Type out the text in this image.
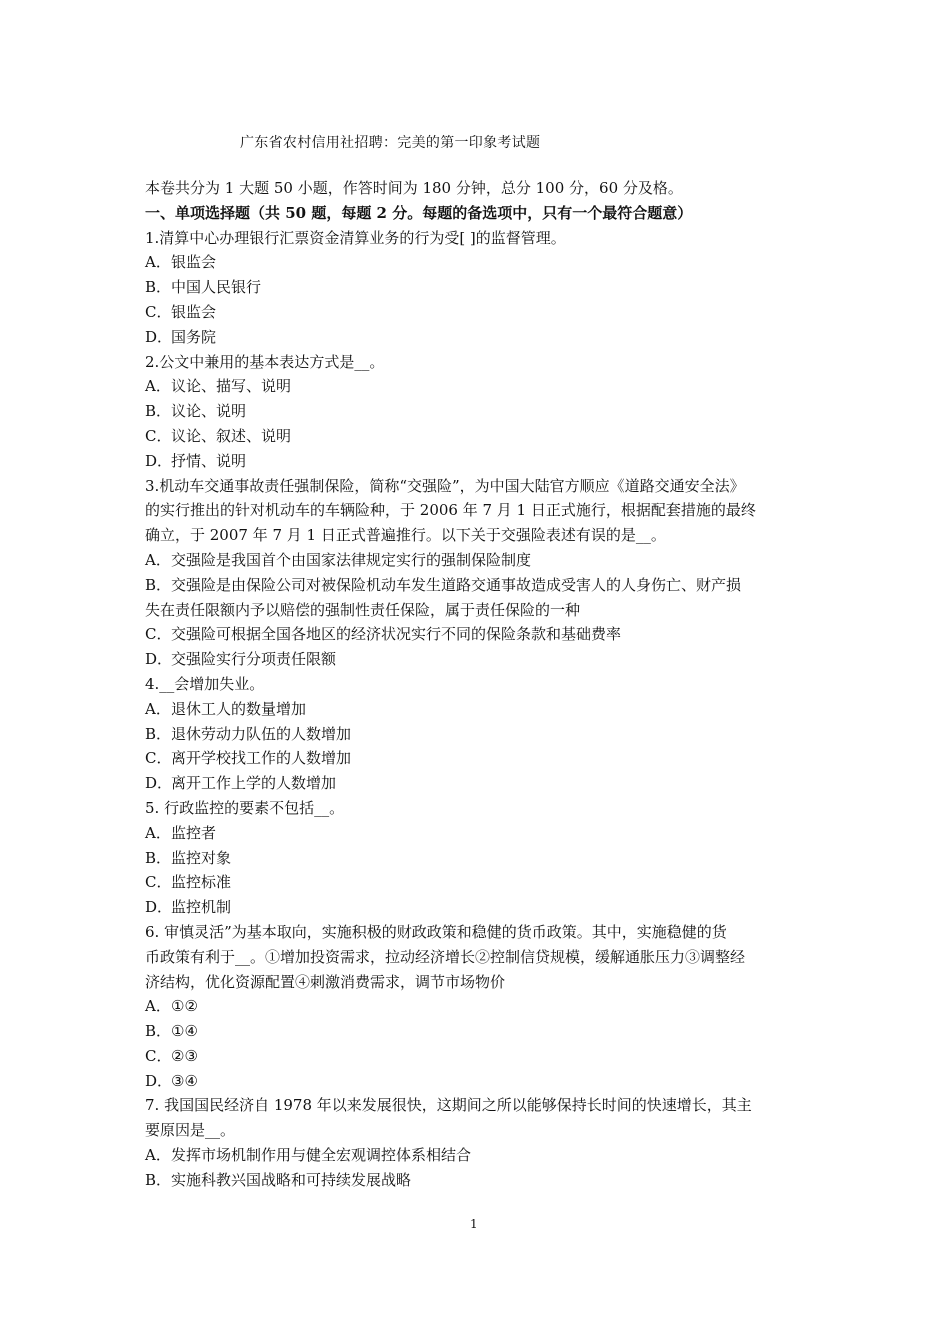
广东省农村信用社招聘：完美的第一印象考试题
本卷共分为 1 大题 50 小题，作答时间为 180 分钟，总分 100 分，60 分及格。
一、单项选择题（共 50 题，每题 2 分。每题的备选项中，只有一个最符合题意）
1.清算中心办理银行汇票资金清算业务的行为受[ ]的监督管理。
A．银监会
B．中国人民银行
C．银监会
D．国务院
2.公文中兼用的基本表达方式是__。
A．议论、描写、说明
B．议论、说明
C．议论、叙述、说明
D．抒情、说明
3.机动车交通事故责任强制保险，简称“交强险”，为中国大陆官方顺应《道路交通安全法》
的实行推出的针对机动车的车辆险种，于 2006 年 7 月 1 日正式施行，根据配套措施的最终
确立，于 2007 年 7 月 1 日正式普遍推行。以下关于交强险表述有误的是__。
A．交强险是我国首个由国家法律规定实行的强制保险制度
B．交强险是由保险公司对被保险机动车发生道路交通事故造成受害人的人身伤亡、财产损
失在责任限额内予以赔偿的强制性责任保险，属于责任保险的一种
C．交强险可根据全国各地区的经济状况实行不同的保险条款和基础费率
D．交强险实行分项责任限额
4.__会增加失业。
A．退休工人的数量增加
B．退休劳动力队伍的人数增加
C．离开学校找工作的人数增加
D．离开工作上学的人数增加
5. 行政监控的要素不包括__。
A．监控者
B．监控对象
C．监控标准
D．监控机制
6. 审慎灵活”为基本取向，实施积极的财政政策和稳健的货币政策。其中，实施稳健的货
币政策有利于__。①增加投资需求，拉动经济增长②控制信贷规模，缓解通胀压力③调整经
济结构，优化资源配置④刺激消费需求，调节市场物价
A．①②
B．①④
C．②③
D．③④
7. 我国国民经济自 1978 年以来发展很快，这期间之所以能够保持长时间的快速增长，其主
要原因是__。
A．发挥市场机制作用与健全宏观调控体系相结合
B．实施科教兴国战略和可持续发展战略
1
